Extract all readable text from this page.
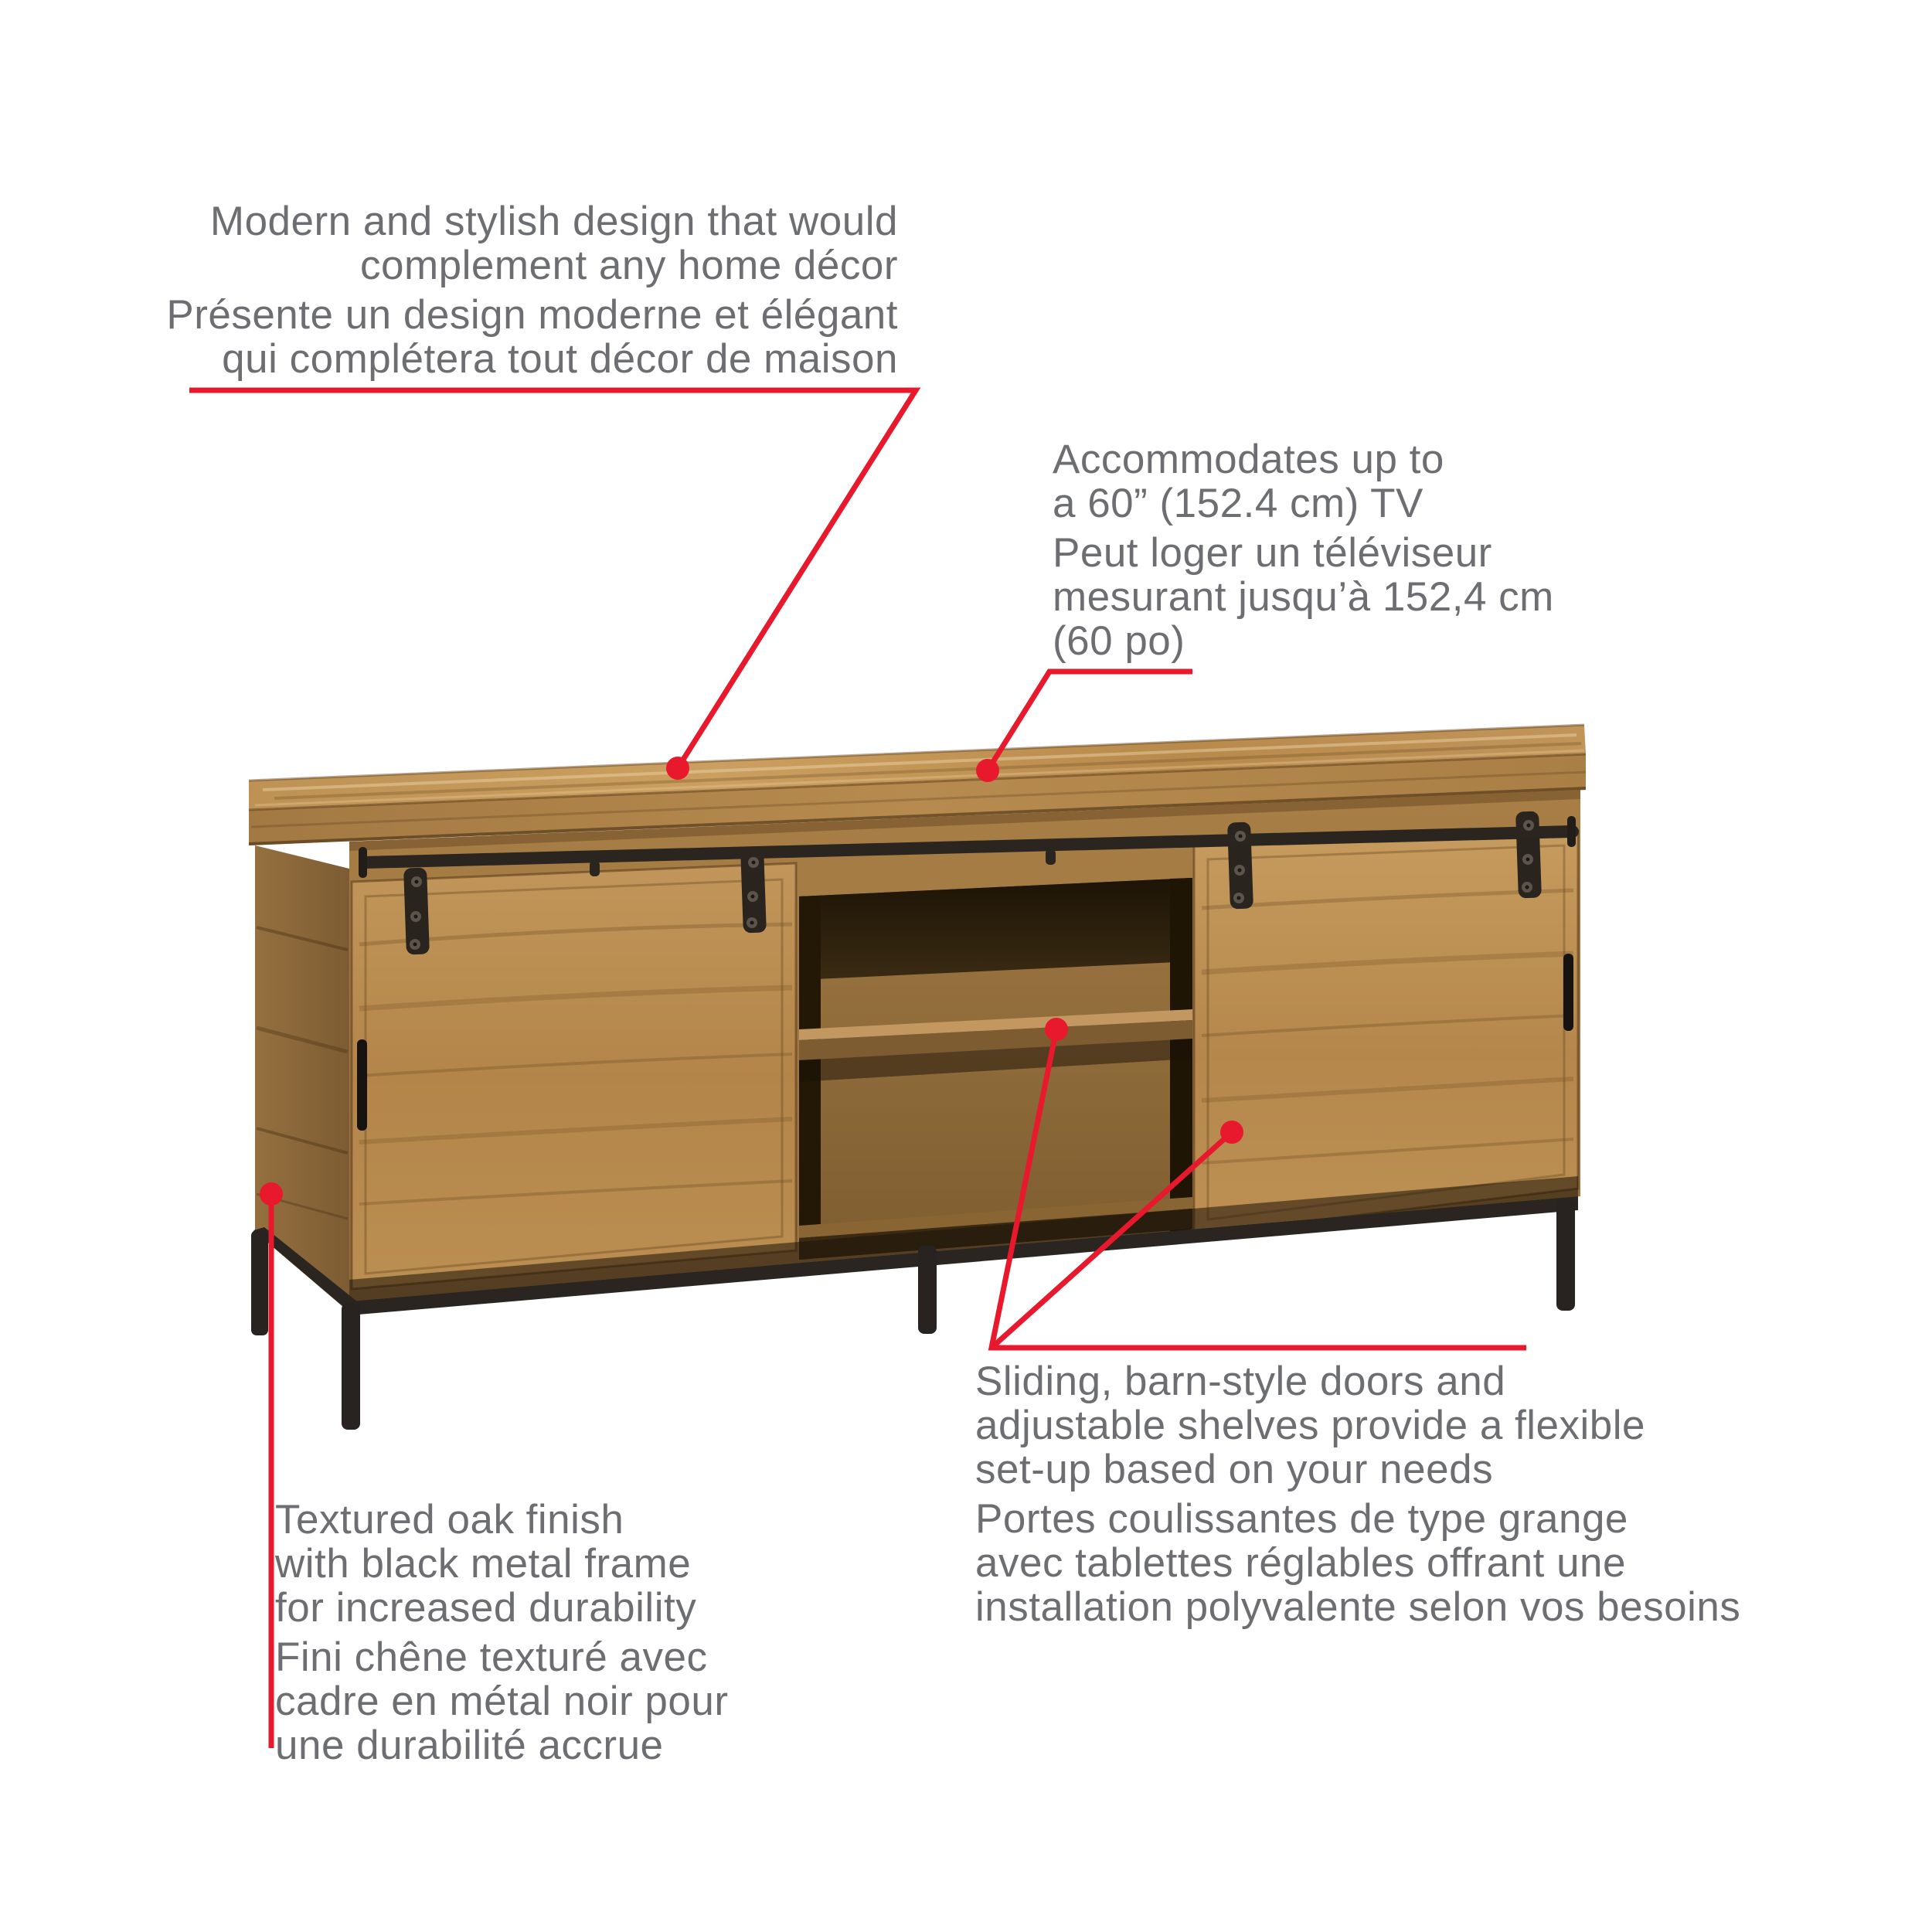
Modern and stylish design that would
complement any home décor
Présente un design moderne et élégant
qui complétera tout décor de maison
Accommodates up to
a 60” (152.4 cm) TV
Peut loger un téléviseur
mesurant jusqu’à 152,4 cm
(60 po)
Sliding, barn-style doors and
adjustable shelves provide a flexible
set-up based on your needs
Portes coulissantes de type grange
avec tablettes réglables offrant une
installation polyvalente selon vos besoins
Textured oak finish
with black metal frame
for increased durability
Fini chêne texturé avec
cadre en métal noir pour
une durabilité accrue
